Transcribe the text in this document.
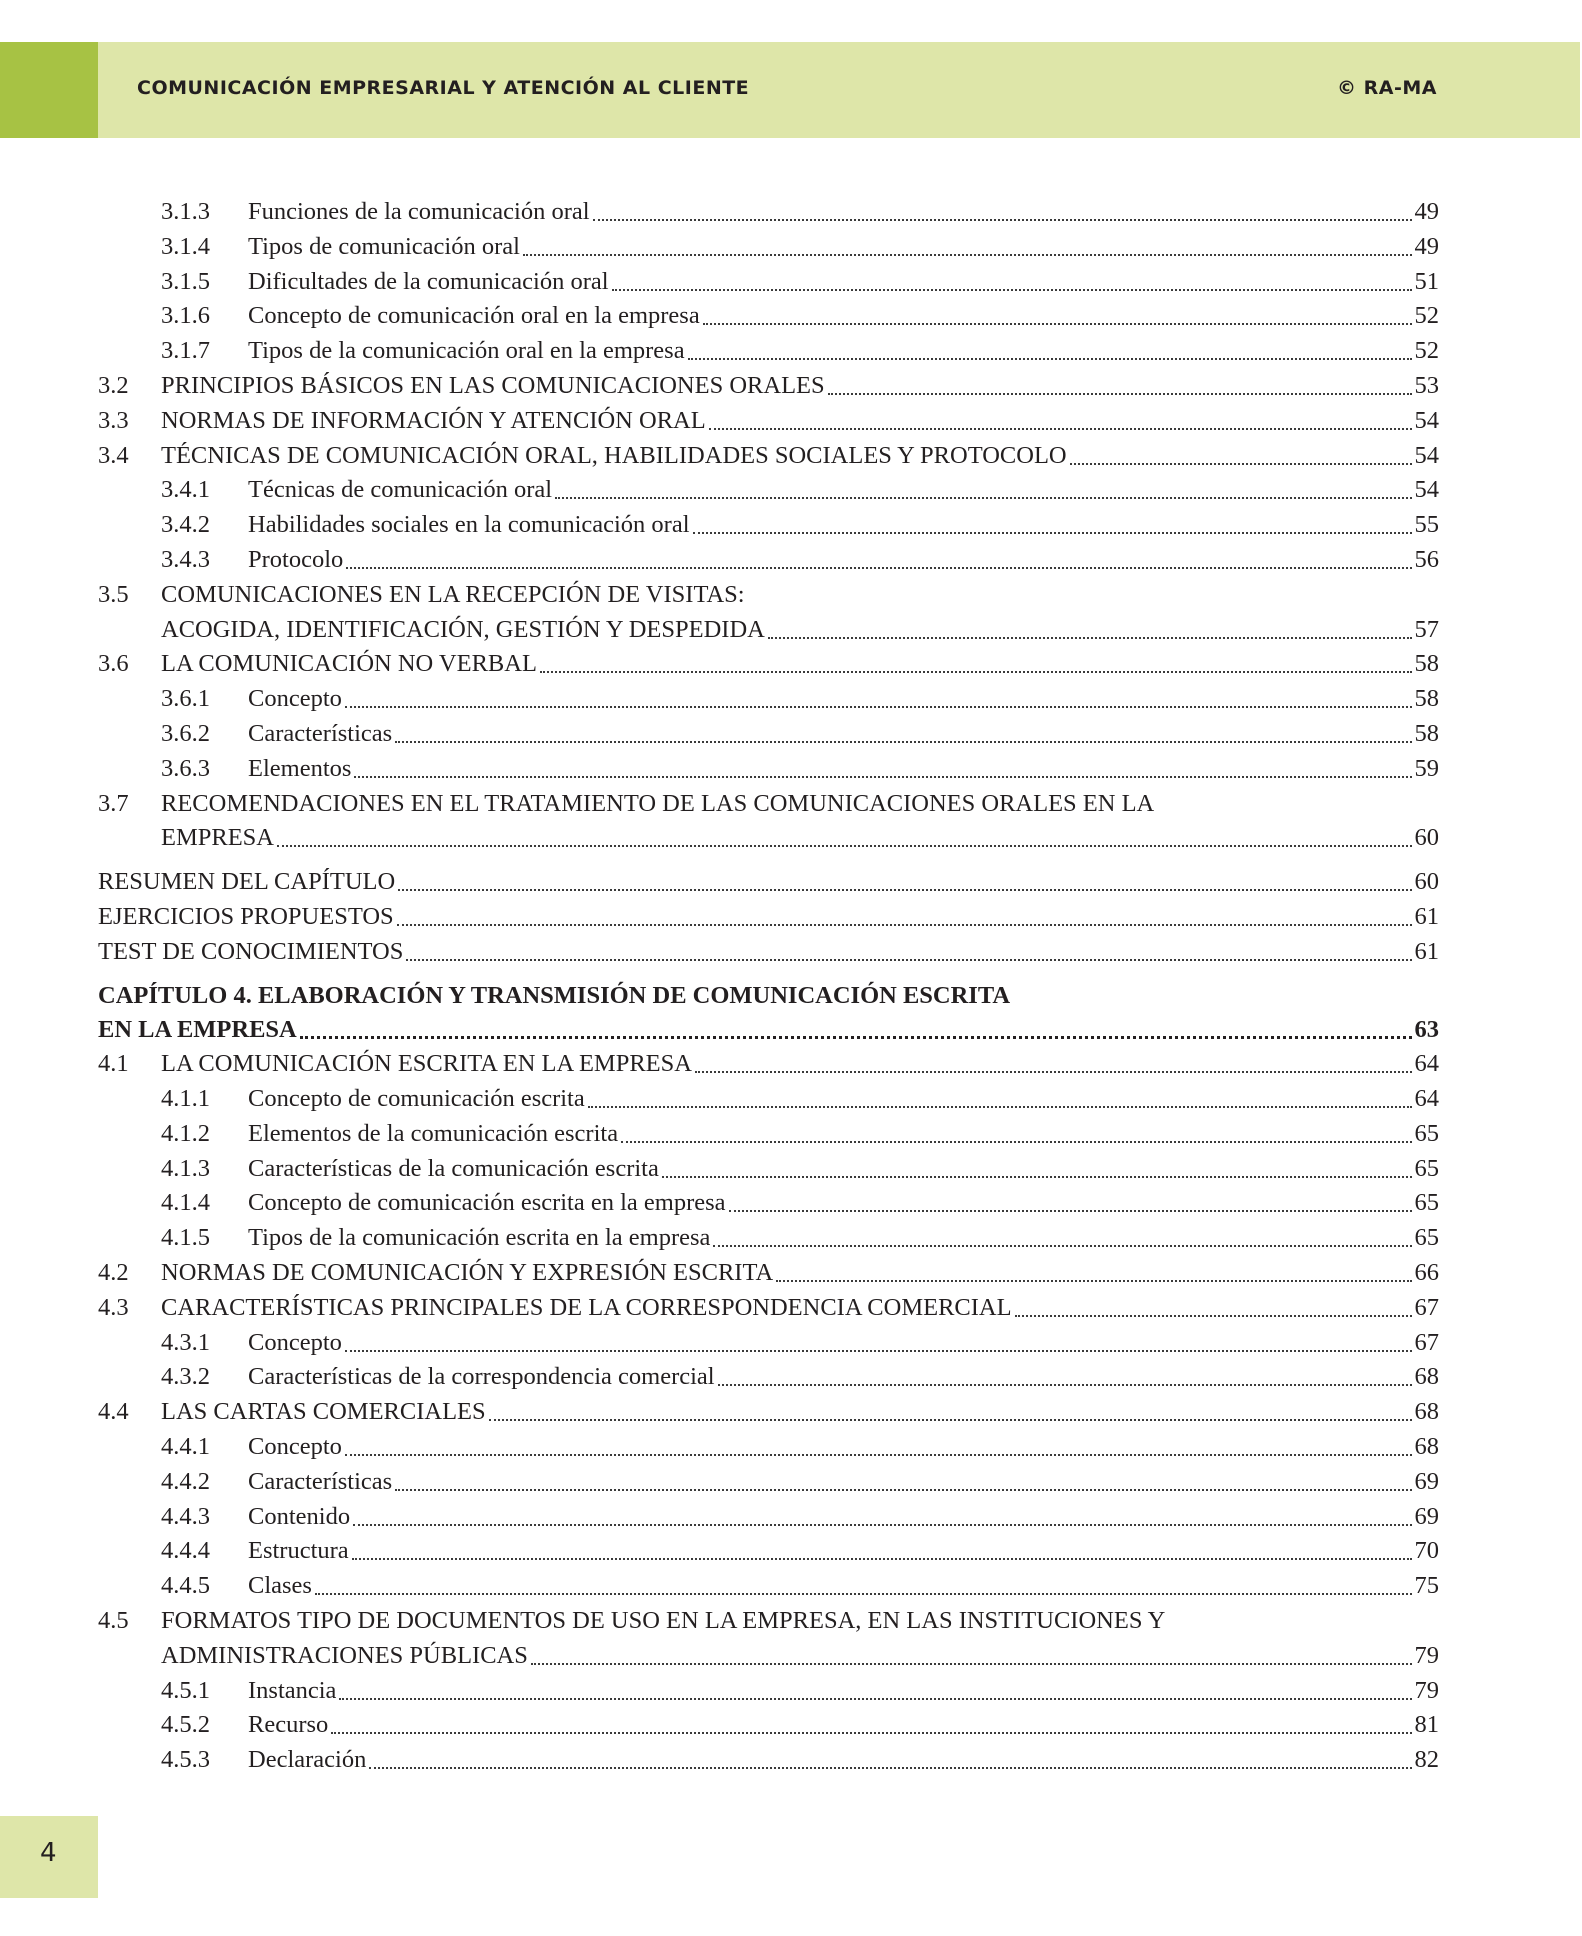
COMUNICACIÓN EMPRESARIAL Y ATENCIÓN AL CLIENTE	© RA-MA
3.1.3 Funciones de la comunicación oral	49
3.1.4 Tipos de comunicación oral	49
3.1.5 Dificultades de la comunicación oral	51
3.1.6 Concepto de comunicación oral en la empresa	52
3.1.7 Tipos de la comunicación oral en la empresa	52
3.2 PRINCIPIOS BÁSICOS EN LAS COMUNICACIONES ORALES	53
3.3 NORMAS DE INFORMACIÓN Y ATENCIÓN ORAL	54
3.4 TÉCNICAS DE COMUNICACIÓN ORAL, HABILIDADES SOCIALES Y PROTOCOLO	54
3.4.1 Técnicas de comunicación oral	54
3.4.2 Habilidades sociales en la comunicación oral	55
3.4.3 Protocolo	56
3.5 COMUNICACIONES EN LA RECEPCIÓN DE VISITAS:
ACOGIDA, IDENTIFICACIÓN, GESTIÓN Y DESPEDIDA	57
3.6 LA COMUNICACIÓN NO VERBAL	58
3.6.1 Concepto	58
3.6.2 Características	58
3.6.3 Elementos	59
3.7 RECOMENDACIONES EN EL TRATAMIENTO DE LAS COMUNICACIONES ORALES EN LA
EMPRESA	60
RESUMEN DEL CAPÍTULO	60
EJERCICIOS PROPUESTOS	61
TEST DE CONOCIMIENTOS	61
CAPÍTULO 4. ELABORACIÓN Y TRANSMISIÓN DE COMUNICACIÓN ESCRITA
EN LA EMPRESA	63
4.1 LA COMUNICACIÓN ESCRITA EN LA EMPRESA	64
4.1.1 Concepto de comunicación escrita	64
4.1.2 Elementos de la comunicación escrita	65
4.1.3 Características de la comunicación escrita	65
4.1.4 Concepto de comunicación escrita en la empresa	65
4.1.5 Tipos de la comunicación escrita en la empresa	65
4.2 NORMAS DE COMUNICACIÓN Y EXPRESIÓN ESCRITA	66
4.3 CARACTERÍSTICAS PRINCIPALES DE LA CORRESPONDENCIA COMERCIAL	67
4.3.1 Concepto	67
4.3.2 Características de la correspondencia comercial	68
4.4 LAS CARTAS COMERCIALES	68
4.4.1 Concepto	68
4.4.2 Características	69
4.4.3 Contenido	69
4.4.4 Estructura	70
4.4.5 Clases	75
4.5 FORMATOS TIPO DE DOCUMENTOS DE USO EN LA EMPRESA, EN LAS INSTITUCIONES Y
ADMINISTRACIONES PÚBLICAS	79
4.5.1 Instancia	79
4.5.2 Recurso	81
4.5.3 Declaración	82
4
